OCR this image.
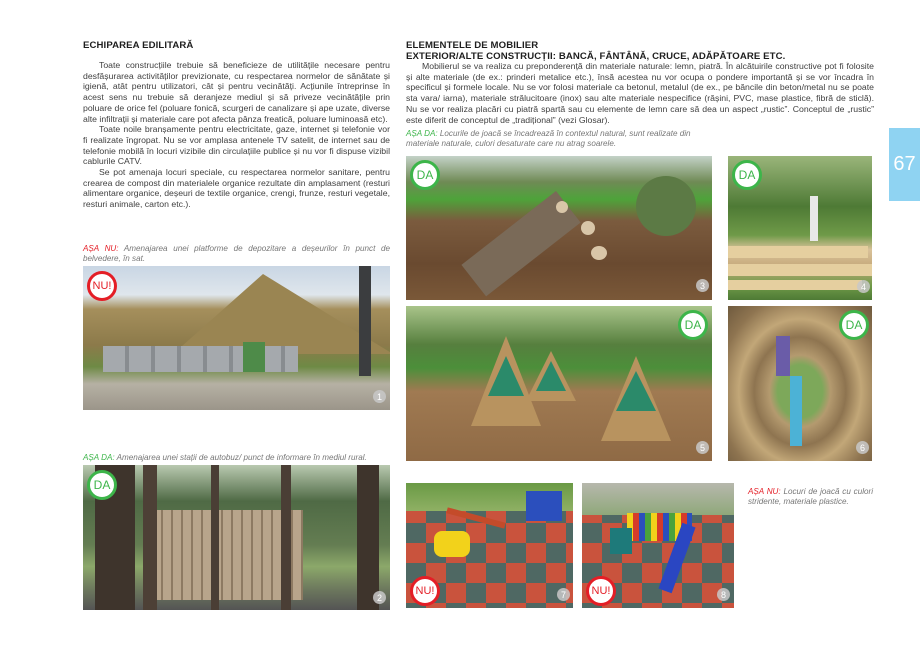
ECHIPAREA EDILITARĂ

Toate construcțiile trebuie să beneficieze de utilitățile necesare pentru desfășurarea activităților previzionate, cu respectarea normelor de sănătate și igienă, atât pentru utilizatori, cât și pentru vecinătăți. Acțiunile întreprinse în acest sens nu trebuie să deranjeze mediul și să priveze vecinătățile prin poluare de orice fel (poluare fonică, scurgeri de canalizare și ape uzate, diverse alte infiltrații și materiale care pot afecta pânza freatică, poluare luminoasă etc).

Toate noile branșamente pentru electricitate, gaze, internet și telefonie vor fi realizate îngropat. Nu se vor amplasa antenele TV satelit, de internet sau de telefonie mobilă în locuri vizibile din circulațiile publice și nu vor fi dispuse vizibil cablurile CATV.

Se pot amenaja locuri speciale, cu respectarea normelor sanitare, pentru crearea de compost din materialele organice rezultate din amplasament (resturi alimentare organice, deșeuri de textile organice, crengi, frunze, resturi vegetale, resturi animale, carton etc.).

AȘA NU: Amenajarea unei platforme de depozitare a deșeurilor în punct de belvedere, în sat.
NU!
1
AȘA DA: Amenajarea unei stații de autobuz/ punct de informare în mediul rural.
DA
2
ELEMENTELE DE MOBILIER
EXTERIOR/ALTE CONSTRUCȚII: BANCĂ, FÂNTÂNĂ, CRUCE, ADĂPĂTOARE ETC.

Mobilierul se va realiza cu preponderență din materiale naturale: lemn, piatră. În alcătuirile constructive pot fi folosite și alte materiale (de ex.: prinderi metalice etc.), însă acestea nu vor ocupa o pondere importantă și se vor încadra în specificul și formele locale. Nu se vor folosi materiale ca betonul, metalul (de ex., pe băncile din beton/metal nu se poate sta vara/ iarna), materiale strălucitoare (inox) sau alte materiale nespecifice (rășini, PVC, mase plastice, fibră de sticlă). Nu se vor realiza placări cu piatră spartă sau cu elemente de lemn care să dea un aspect „rustic”. Conceptul de „rustic” este diferit de conceptul de „tradițional” (vezi Glosar).

AȘA DA: Locurile de joacă se încadrează în contextul natural, sunt realizate din materiale naturale, culori desaturate care nu atrag soarele.
DA
3
DA
4
DA
5
DA
6
NU!	7	NU!	8
AȘA NU: Locuri de joacă cu culori stridente, materiale plastice.
67
